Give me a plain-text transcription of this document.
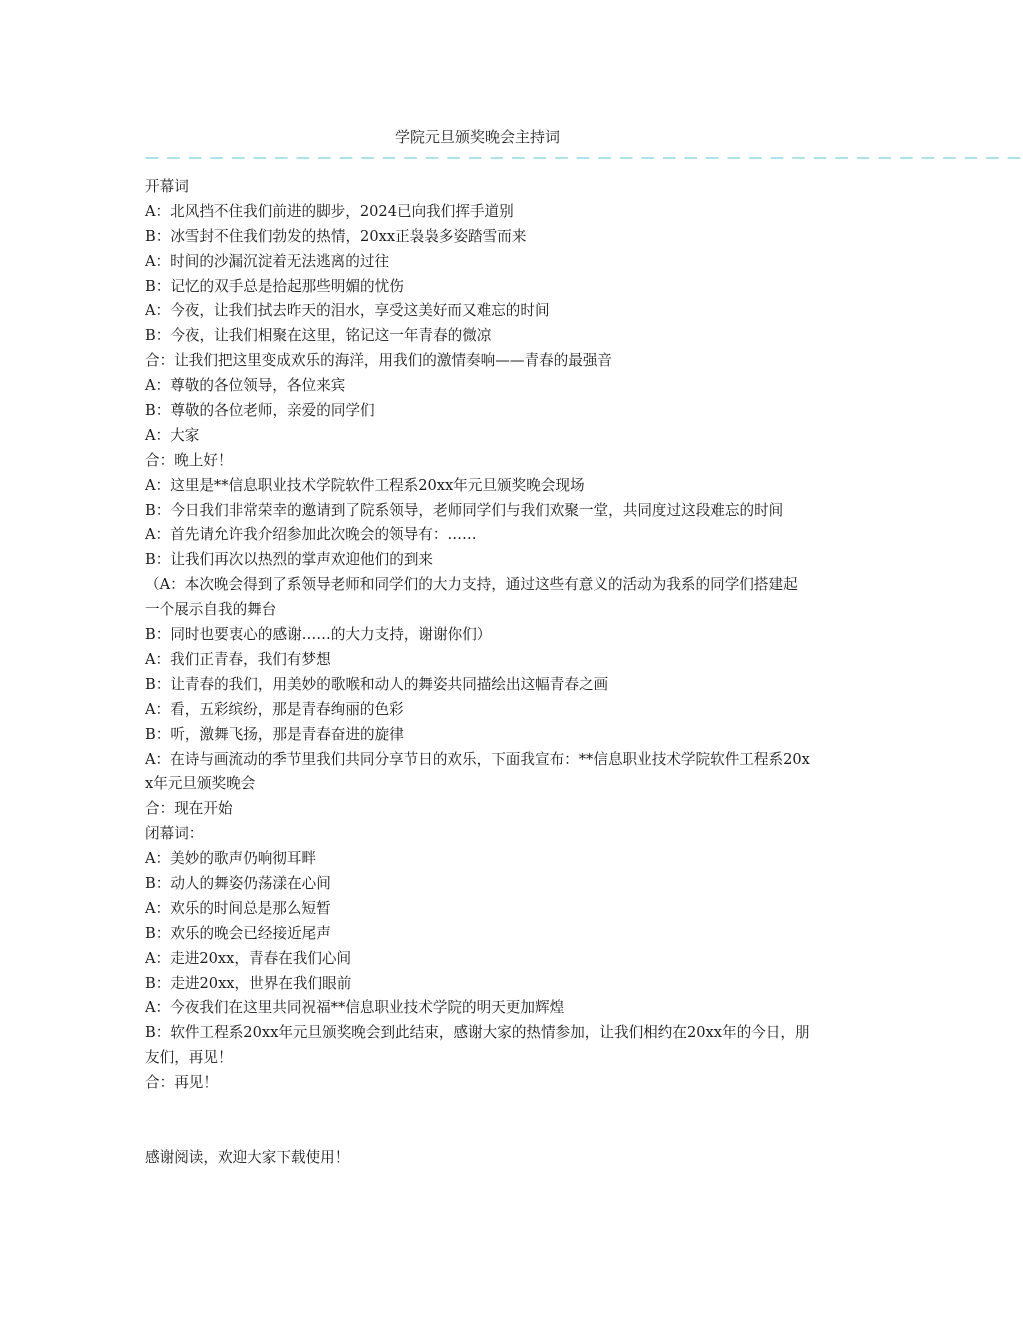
学院元旦颁奖晚会主持词
— — — — — — — — — — — — — — — — — — — — — — — — — — — — — — — — — — — — — — — — —
开幕词
A：北风挡不住我们前进的脚步，2024已向我们挥手道别
B：冰雪封不住我们勃发的热情，20xx正袅袅多姿踏雪而来
A：时间的沙漏沉淀着无法逃离的过往
B：记忆的双手总是拾起那些明媚的忧伤
A：今夜，让我们拭去昨天的泪水，享受这美好而又难忘的时间
B：今夜，让我们相聚在这里，铭记这一年青春的微凉
合：让我们把这里变成欢乐的海洋，用我们的激情奏响——青春的最强音
A：尊敬的各位领导，各位来宾
B：尊敬的各位老师，亲爱的同学们
A：大家
合：晚上好！
A：这里是**信息职业技术学院软件工程系20xx年元旦颁奖晚会现场
B：今日我们非常荣幸的邀请到了院系领导，老师同学们与我们欢聚一堂，共同度过这段难忘的时间
A：首先请允许我介绍参加此次晚会的领导有：……
B：让我们再次以热烈的掌声欢迎他们的到来
（A：本次晚会得到了系领导老师和同学们的大力支持，通过这些有意义的活动为我系的同学们搭建起一个展示自我的舞台
B：同时也要衷心的感谢……的大力支持，谢谢你们）
A：我们正青春，我们有梦想
B：让青春的我们，用美妙的歌喉和动人的舞姿共同描绘出这幅青春之画
A：看，五彩缤纷，那是青春绚丽的色彩
B：听，激舞飞扬，那是青春奋进的旋律
A：在诗与画流动的季节里我们共同分享节日的欢乐，下面我宣布：**信息职业技术学院软件工程系20xx年元旦颁奖晚会
合：现在开始
闭幕词：
A：美妙的歌声仍响彻耳畔
B：动人的舞姿仍荡漾在心间
A：欢乐的时间总是那么短暂
B：欢乐的晚会已经接近尾声
A：走进20xx，青春在我们心间
B：走进20xx，世界在我们眼前
A：今夜我们在这里共同祝福**信息职业技术学院的明天更加辉煌
B：软件工程系20xx年元旦颁奖晚会到此结束，感谢大家的热情参加，让我们相约在20xx年的今日，朋友们，再见！
合：再见！
感谢阅读，欢迎大家下载使用！
